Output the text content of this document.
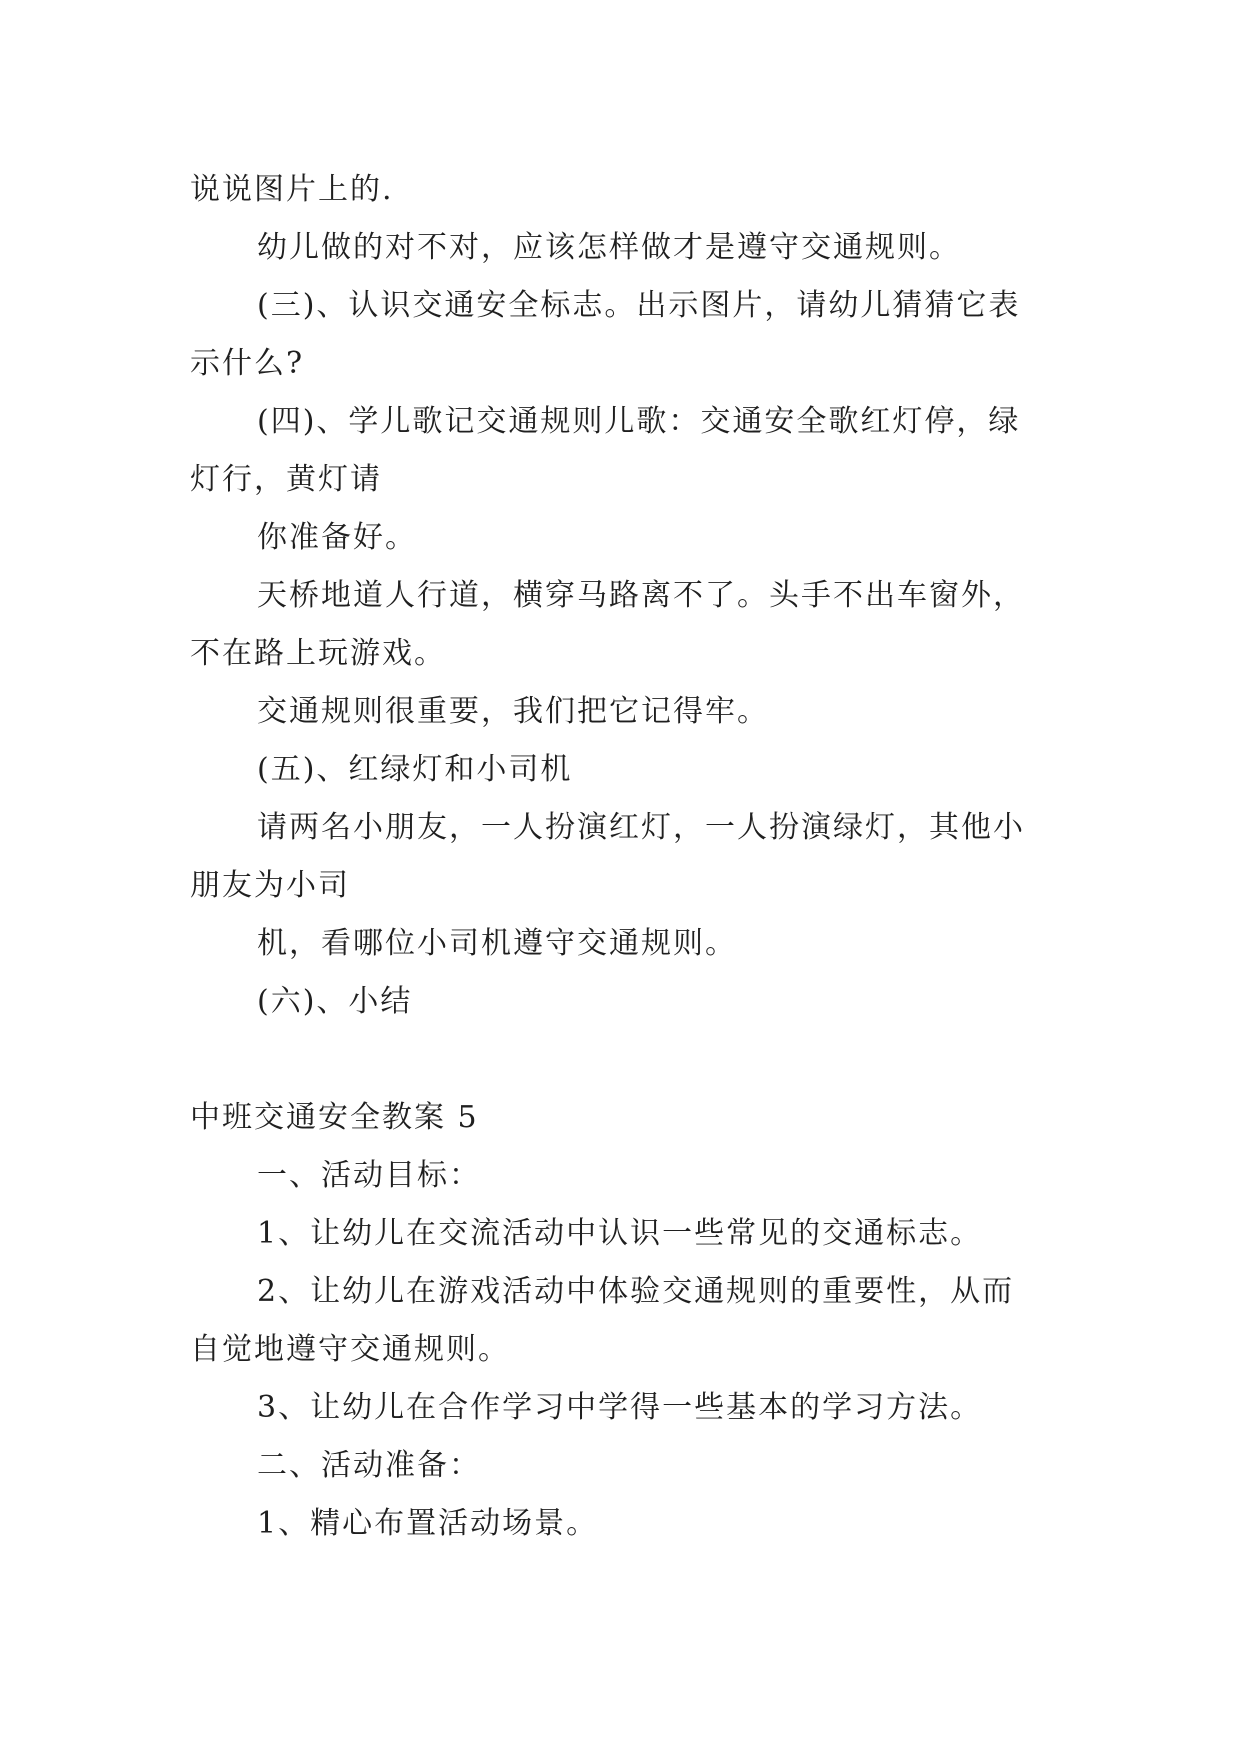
说说图片上的.
幼儿做的对不对，应该怎样做才是遵守交通规则。
(三)、认识交通安全标志。出示图片，请幼儿猜猜它表
示什么?
(四)、学儿歌记交通规则儿歌：交通安全歌红灯停，绿
灯行，黄灯请
你准备好。
天桥地道人行道，横穿马路离不了。头手不出车窗外，
不在路上玩游戏。
交通规则很重要，我们把它记得牢。
(五)、红绿灯和小司机
请两名小朋友，一人扮演红灯，一人扮演绿灯，其他小
朋友为小司
机，看哪位小司机遵守交通规则。
(六)、小结
中班交通安全教案 5
一、活动目标：
1、让幼儿在交流活动中认识一些常见的交通标志。
2、让幼儿在游戏活动中体验交通规则的重要性，从而
自觉地遵守交通规则。
3、让幼儿在合作学习中学得一些基本的学习方法。
二、活动准备：
1、精心布置活动场景。
